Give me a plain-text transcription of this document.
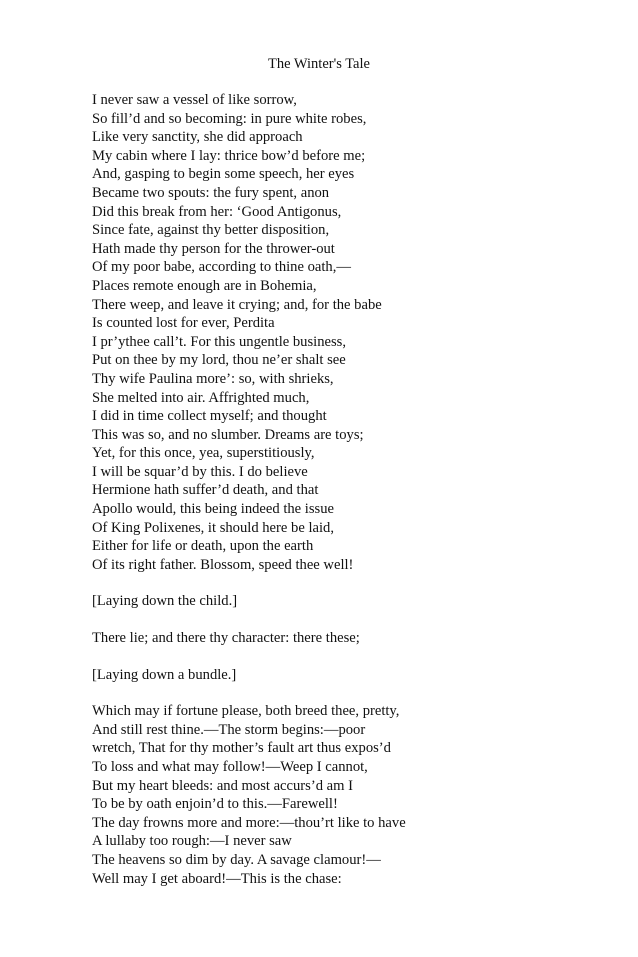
The Winter's Tale
I never saw a vessel of like sorrow,
So fill’d and so becoming: in pure white robes,
Like very sanctity, she did approach
My cabin where I lay: thrice bow’d before me;
And, gasping to begin some speech, her eyes
Became two spouts: the fury spent, anon
Did this break from her: ‘Good Antigonus,
Since fate, against thy better disposition,
Hath made thy person for the thrower-out
Of my poor babe, according to thine oath,—
Places remote enough are in Bohemia,
There weep, and leave it crying; and, for the babe
Is counted lost for ever, Perdita
I pr’ythee call’t. For this ungentle business,
Put on thee by my lord, thou ne’er shalt see
Thy wife Paulina more’: so, with shrieks,
She melted into air. Affrighted much,
I did in time collect myself; and thought
This was so, and no slumber. Dreams are toys;
Yet, for this once, yea, superstitiously,
I will be squar’d by this. I do believe
Hermione hath suffer’d death, and that
Apollo would, this being indeed the issue
Of King Polixenes, it should here be laid,
Either for life or death, upon the earth
Of its right father. Blossom, speed thee well!
[Laying down the child.]
There lie; and there thy character: there these;
[Laying down a bundle.]
Which may if fortune please, both breed thee, pretty,
And still rest thine.—The storm begins:—poor
wretch, That for thy mother’s fault art thus expos’d
To loss and what may follow!—Weep I cannot,
But my heart bleeds: and most accurs’d am I
To be by oath enjoin’d to this.—Farewell!
The day frowns more and more:—thou’rt like to have
A lullaby too rough:—I never saw
The heavens so dim by day. A savage clamour!—
Well may I get aboard!—This is the chase:
